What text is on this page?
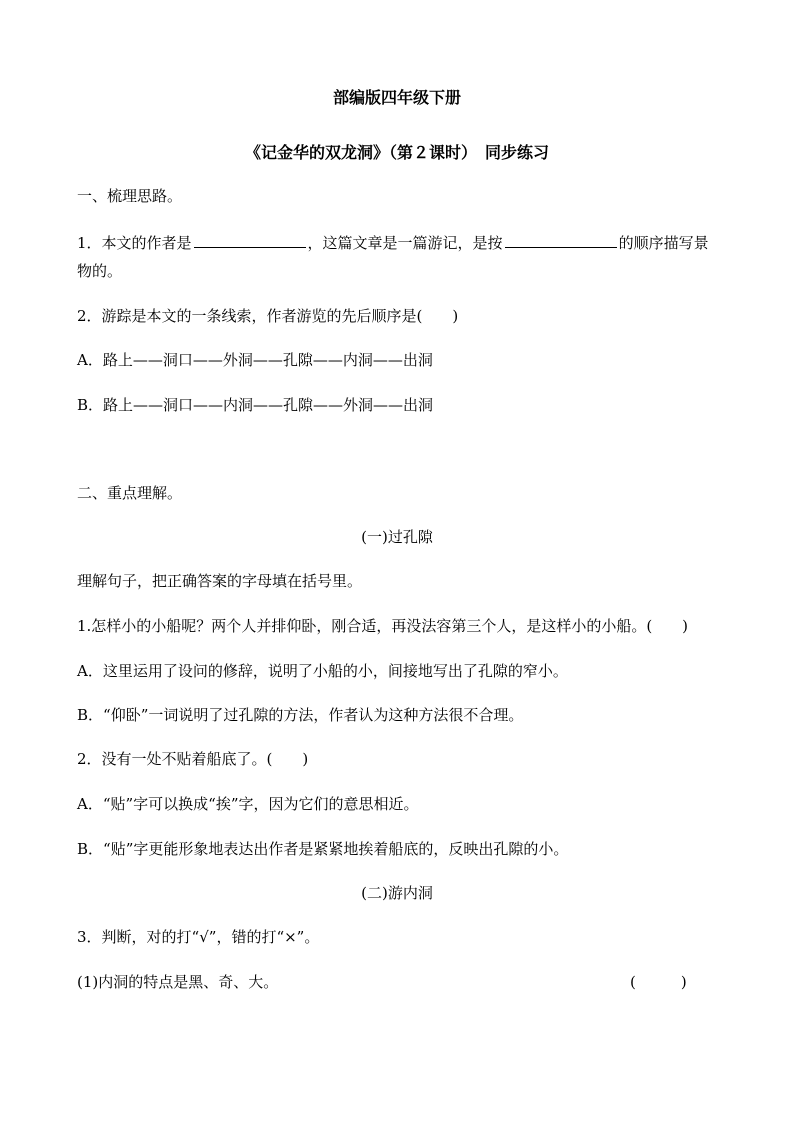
部编版四年级下册
《记金华的双龙洞》（第２课时）　同步练习
一、梳理思路。
1．本文的作者是	，这篇文章是一篇游记，是按	的顺序描写景
物的。
2．游踪是本文的一条线索，作者游览的先后顺序是(　　)
A．路上——洞口——外洞——孔隙——内洞——出洞
B．路上——洞口——内洞——孔隙——外洞——出洞
二、重点理解。
(一)过孔隙
理解句子，把正确答案的字母填在括号里。
1.怎样小的小船呢？两个人并排仰卧，刚合适，再没法容第三个人，是这样小的小船。(　　)
A．这里运用了设问的修辞，说明了小船的小，间接地写出了孔隙的窄小。
B．“仰卧”一词说明了过孔隙的方法，作者认为这种方法很不合理。
2．没有一处不贴着船底了。(　　)
A．“贴”字可以换成“挨”字，因为它们的意思相近。
B．“贴”字更能形象地表达出作者是紧紧地挨着船底的，反映出孔隙的小。
(二)游内洞
3．判断，对的打“√”，错的打“×”。
(1)内洞的特点是黑、奇、大。	(　　　)
